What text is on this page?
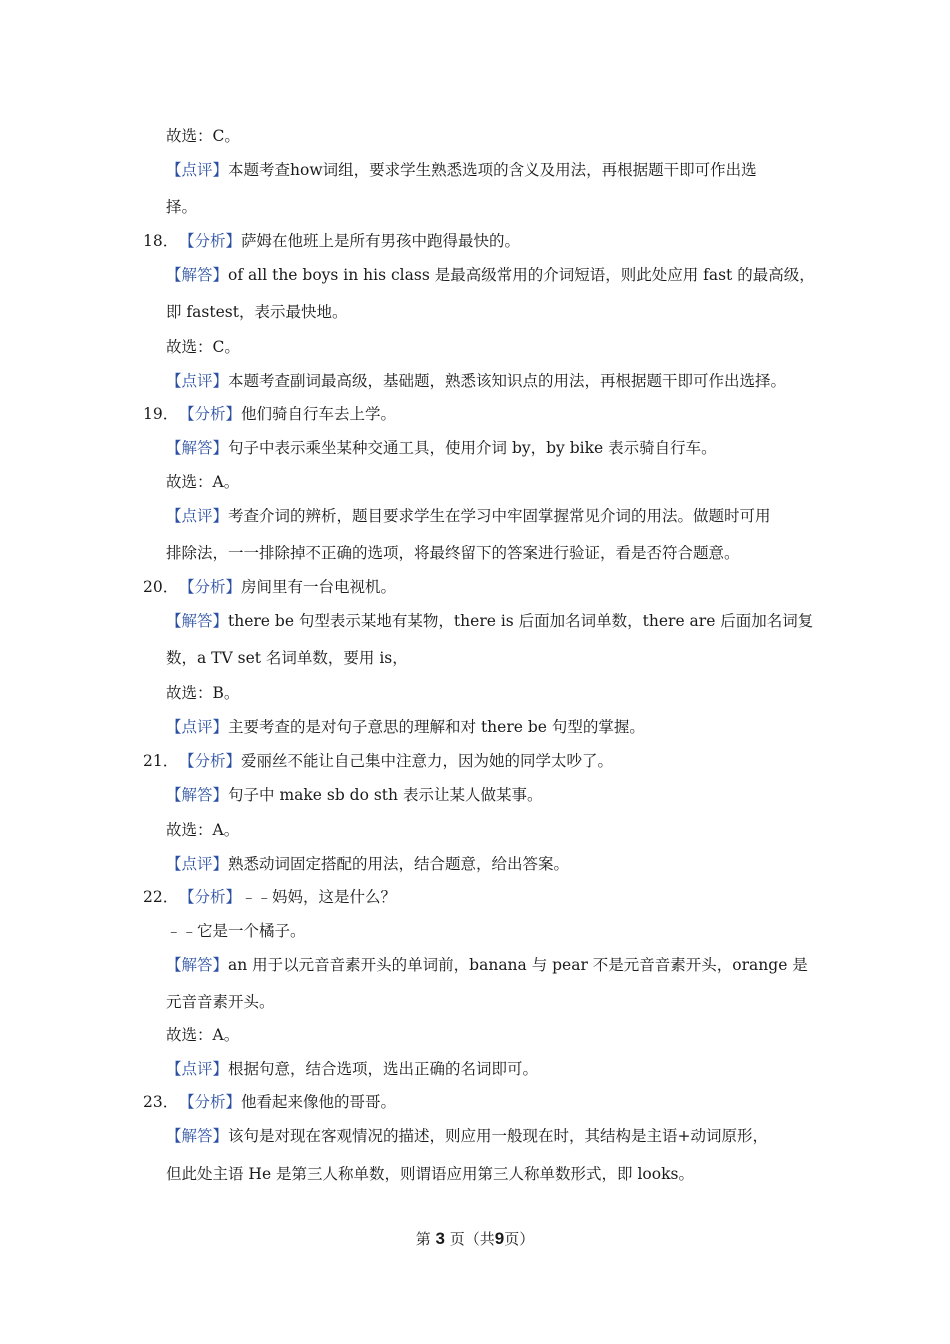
故选：C。
【点评】本题考查how词组，要求学生熟悉选项的含义及用法，再根据题干即可作出选
择。
18．【分析】萨姆在他班上是所有男孩中跑得最快的。
【解答】of all the boys in his class 是最高级常用的介词短语，则此处应用 fast 的最高级，
即 fastest，表示最快地。
故选：C。
【点评】本题考查副词最高级，基础题，熟悉该知识点的用法，再根据题干即可作出选择。
19．【分析】他们骑自行车去上学。
【解答】句子中表示乘坐某种交通工具，使用介词 by，by bike 表示骑自行车。
故选：A。
【点评】考查介词的辨析，题目要求学生在学习中牢固掌握常见介词的用法。做题时可用
排除法，一一排除掉不正确的选项，将最终留下的答案进行验证，看是否符合题意。
20．【分析】房间里有一台电视机。
【解答】there be 句型表示某地有某物，there is 后面加名词单数，there are 后面加名词复
数，a TV set 名词单数，要用 is，
故选：B。
【点评】主要考查的是对句子意思的理解和对 there be 句型的掌握。
21．【分析】爱丽丝不能让自己集中注意力，因为她的同学太吵了。
【解答】句子中 make sb do sth 表示让某人做某事。
故选：A。
【点评】熟悉动词固定搭配的用法，结合题意，给出答案。
22．【分析】﹣﹣妈妈，这是什么？
﹣﹣它是一个橘子。
【解答】an 用于以元音音素开头的单词前，banana 与 pear 不是元音音素开头，orange 是
元音音素开头。
故选：A。
【点评】根据句意，结合选项，选出正确的名词即可。
23．【分析】他看起来像他的哥哥。
【解答】该句是对现在客观情况的描述，则应用一般现在时，其结构是主语+动词原形，
但此处主语 He 是第三人称单数，则谓语应用第三人称单数形式，即 looks。
第 3 页（共9页）
